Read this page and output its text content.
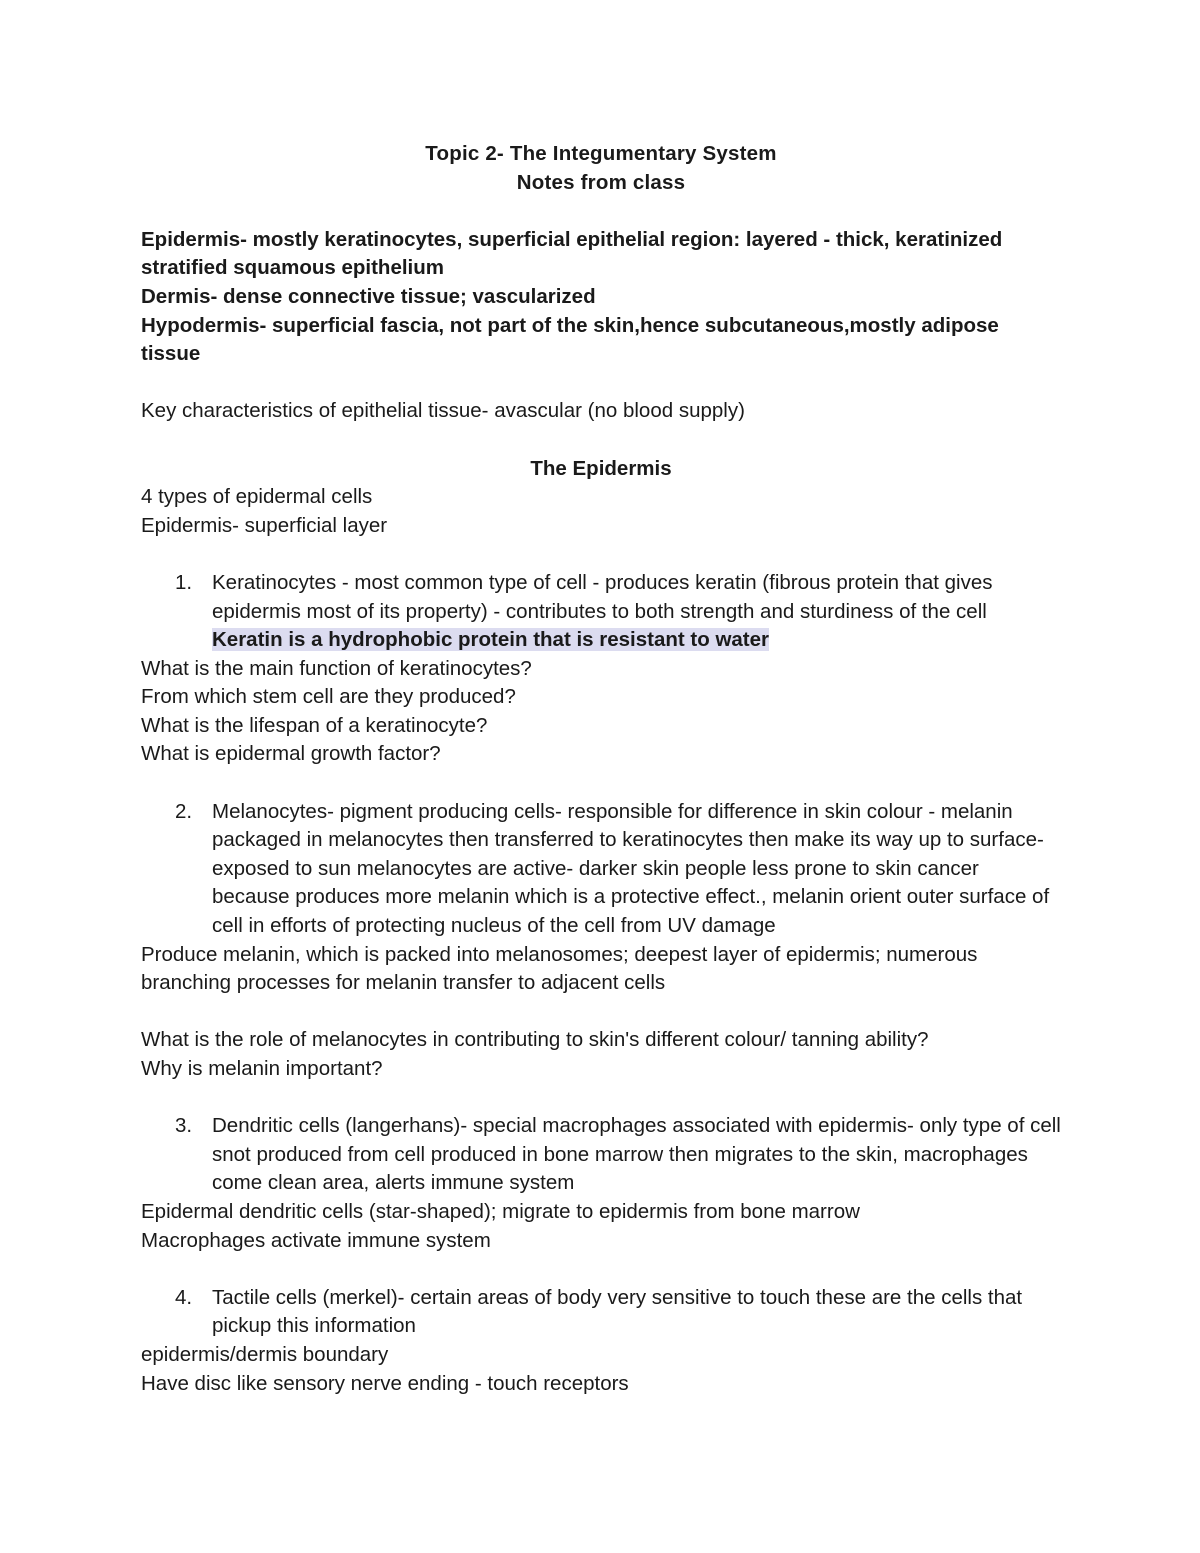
Topic 2- The Integumentary System

Notes from class

Epidermis- mostly keratinocytes, superficial epithelial region: layered - thick, keratinized stratified squamous epithelium

Dermis- dense connective tissue; vascularized

Hypodermis- superficial fascia, not part of the skin,hence subcutaneous,mostly adipose tissue

Key characteristics of epithelial tissue- avascular (no blood supply)

The Epidermis

4 types of epidermal cells

Epidermis- superficial layer

1. Keratinocytes - most common type of cell - produces keratin (fibrous protein that gives epidermis most of its property) - contributes to both strength and sturdiness of the cell
Keratin is a hydrophobic protein that is resistant to water

What is the main function of keratinocytes?

From which stem cell are they produced?

What is the lifespan of a keratinocyte?

What is epidermal growth factor?

2. Melanocytes- pigment producing cells- responsible for difference in skin colour - melanin packaged in melanocytes then transferred to keratinocytes then make its way up to surface- exposed to sun melanocytes are active- darker skin people less prone to skin cancer because produces more melanin which is a protective effect., melanin orient outer surface of cell in efforts of protecting nucleus of the cell from UV damage

Produce melanin, which is packed into melanosomes; deepest layer of epidermis; numerous branching processes for melanin transfer to adjacent cells

What is the role of melanocytes in contributing to skin's different colour/ tanning ability?

Why is melanin important?

3. Dendritic cells (langerhans)- special macrophages associated with epidermis- only type of cell snot produced from cell produced in bone marrow then migrates to the skin, macrophages come clean area, alerts immune system

Epidermal dendritic cells (star-shaped); migrate to epidermis from bone marrow

Macrophages activate immune system

4. Tactile cells (merkel)- certain areas of body very sensitive to touch these are the cells that pickup this information

epidermis/dermis boundary

Have disc like sensory nerve ending - touch receptors
